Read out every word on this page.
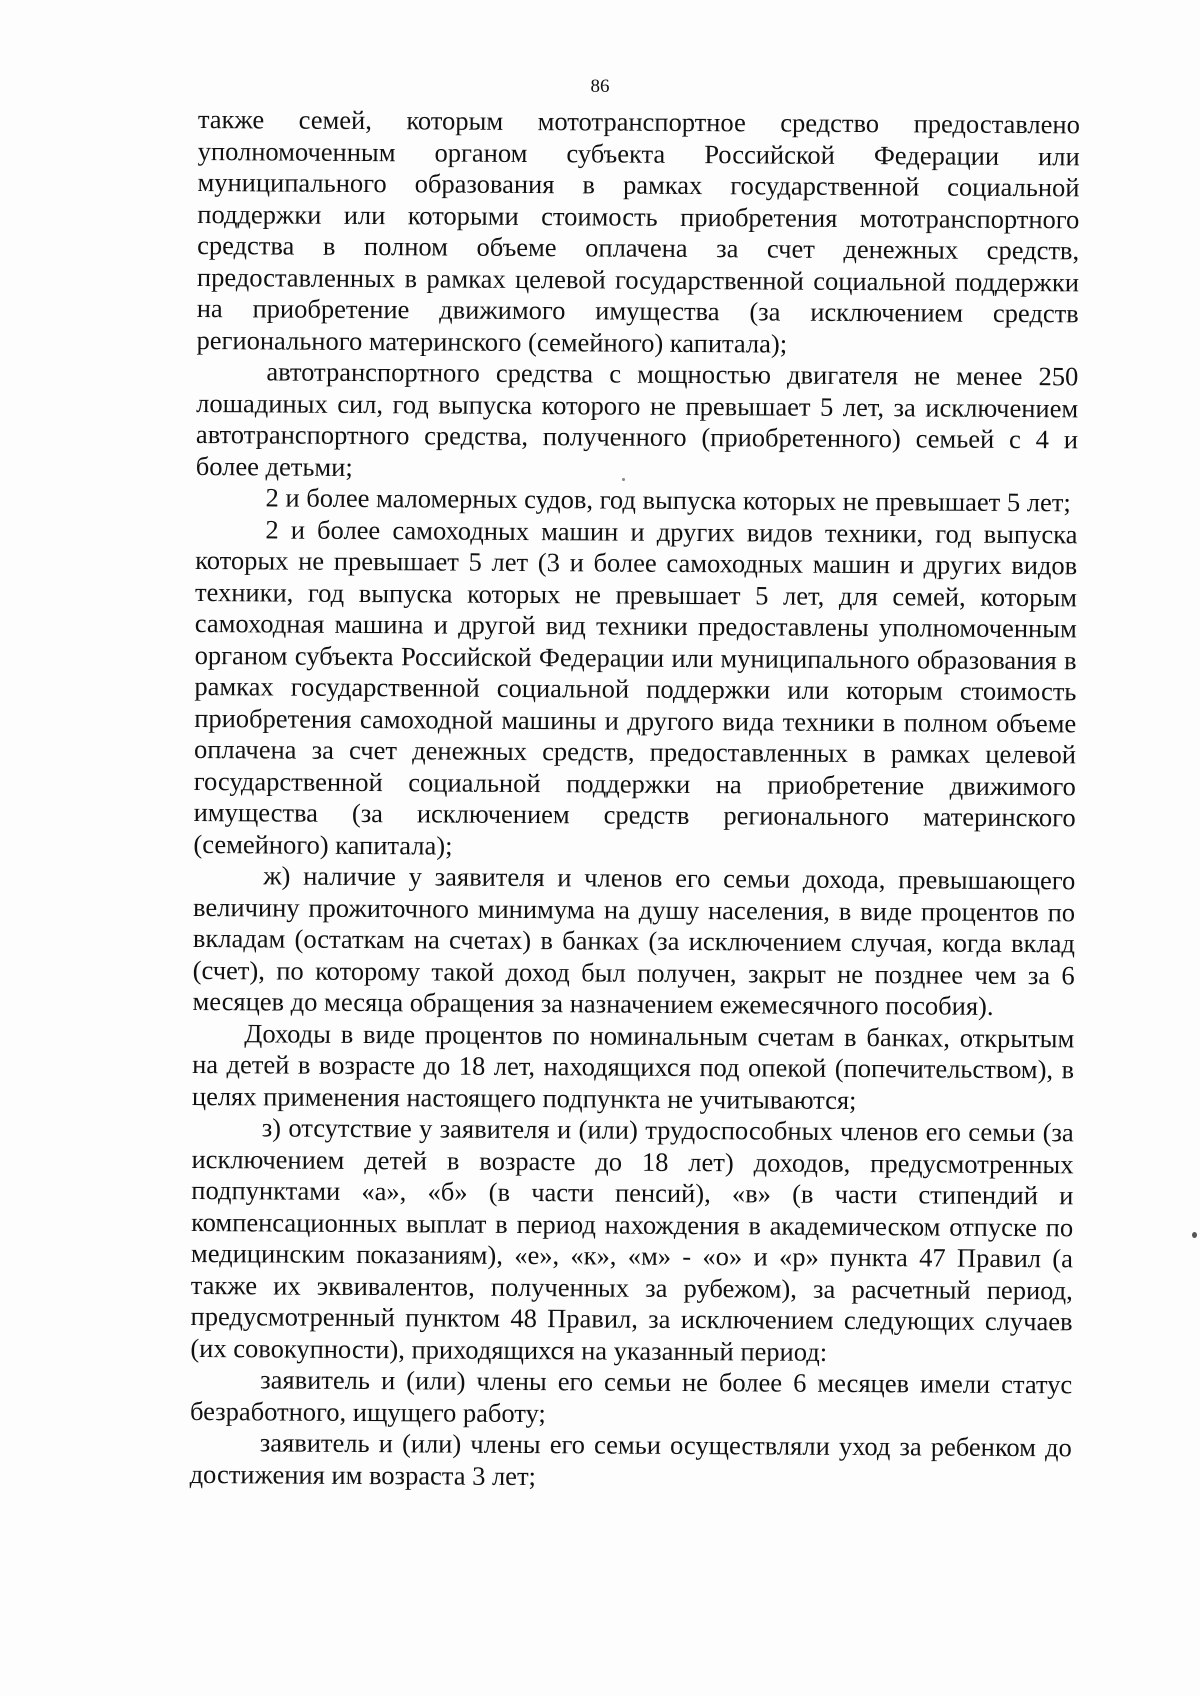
86

также семей, которым мототранспортное средство предоставлено уполномоченным органом субъекта Российской Федерации или муниципального образования в рамках государственной социальной поддержки или которыми стоимость приобретения мототранспортного средства в полном объеме оплачена за счет денежных средств, предоставленных в рамках целевой государственной социальной поддержки на приобретение движимого имущества (за исключением средств регионального материнского (семейного) капитала);

автотранспортного средства с мощностью двигателя не менее 250 лошадиных сил, год выпуска которого не превышает 5 лет, за исключением автотранспортного средства, полученного (приобретенного) семьей с 4 и более детьми;

2 и более маломерных судов, год выпуска которых не превышает 5 лет;

2 и более самоходных машин и других видов техники, год выпуска которых не превышает 5 лет (3 и более самоходных машин и других видов техники, год выпуска которых не превышает 5 лет, для семей, которым самоходная машина и другой вид техники предоставлены уполномоченным органом субъекта Российской Федерации или муниципального образования в рамках государственной социальной поддержки или которым стоимость приобретения самоходной машины и другого вида техники в полном объеме оплачена за счет денежных средств, предоставленных в рамках целевой государственной социальной поддержки на приобретение движимого имущества (за исключением средств регионального материнского (семейного) капитала);

ж) наличие у заявителя и членов его семьи дохода, превышающего величину прожиточного минимума на душу населения, в виде процентов по вкладам (остаткам на счетах) в банках (за исключением случая, когда вклад (счет), по которому такой доход был получен, закрыт не позднее чем за 6 месяцев до месяца обращения за назначением ежемесячного пособия).

Доходы в виде процентов по номинальным счетам в банках, открытым на детей в возрасте до 18 лет, находящихся под опекой (попечительством), в целях применения настоящего подпункта не учитываются;

з) отсутствие у заявителя и (или) трудоспособных членов его семьи (за исключением детей в возрасте до 18 лет) доходов, предусмотренных подпунктами «а», «б» (в части пенсий), «в» (в части стипендий и компенсационных выплат в период нахождения в академическом отпуске по медицинским показаниям), «е», «к», «м» - «о» и «р» пункта 47 Правил (а также их эквивалентов, полученных за рубежом), за расчетный период, предусмотренный пунктом 48 Правил, за исключением следующих случаев (их совокупности), приходящихся на указанный период:

заявитель и (или) члены его семьи не более 6 месяцев имели статус безработного, ищущего работу;

заявитель и (или) члены его семьи осуществляли уход за ребенком до достижения им возраста 3 лет;
